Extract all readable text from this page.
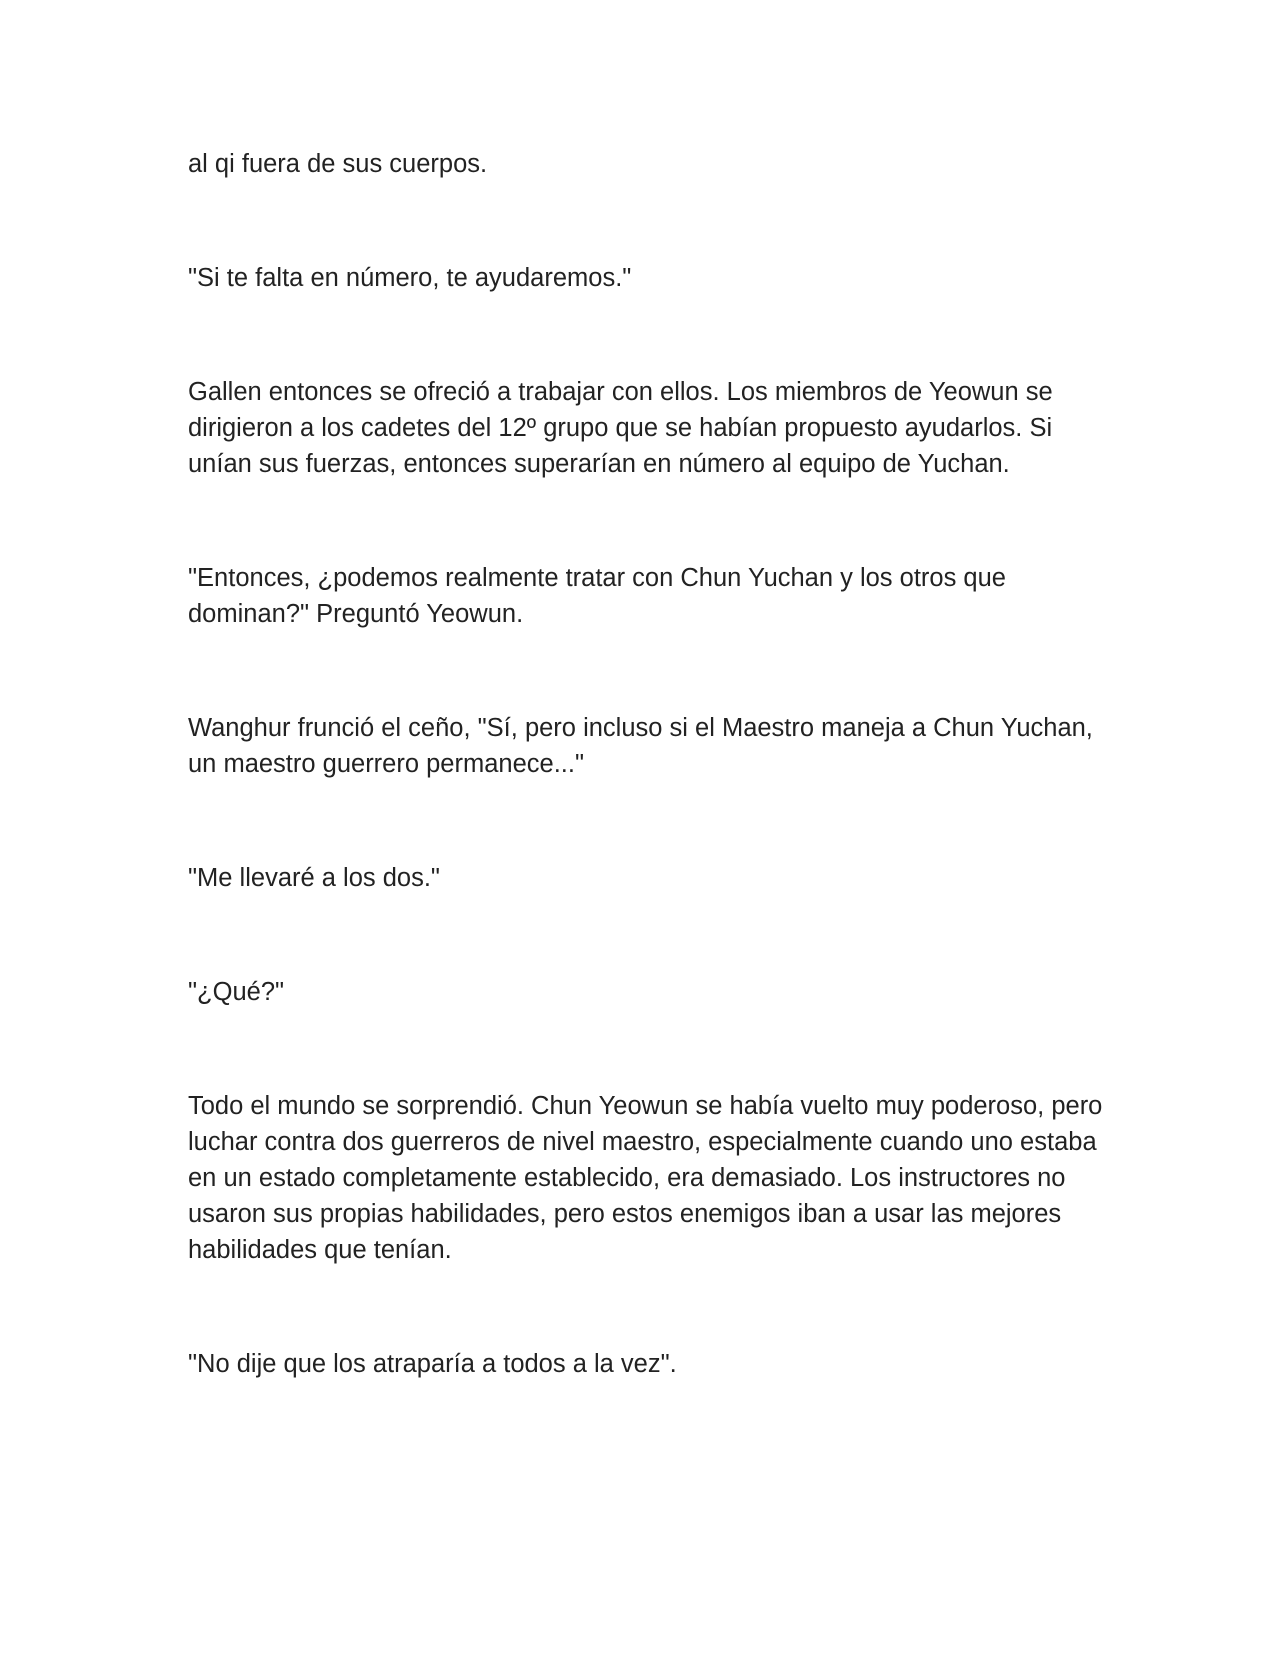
al qi fuera de sus cuerpos.

"Si te falta en número, te ayudaremos."

Gallen entonces se ofreció a trabajar con ellos. Los miembros de Yeowun se dirigieron a los cadetes del 12º grupo que se habían propuesto ayudarlos. Si unían sus fuerzas, entonces superarían en número al equipo de Yuchan.

"Entonces, ¿podemos realmente tratar con Chun Yuchan y los otros que dominan?" Preguntó Yeowun.

Wanghur frunció el ceño, "Sí, pero incluso si el Maestro maneja a Chun Yuchan, un maestro guerrero permanece..."

"Me llevaré a los dos."

"¿Qué?"

Todo el mundo se sorprendió. Chun Yeowun se había vuelto muy poderoso, pero luchar contra dos guerreros de nivel maestro, especialmente cuando uno estaba en un estado completamente establecido, era demasiado. Los instructores no usaron sus propias habilidades, pero estos enemigos iban a usar las mejores habilidades que tenían.

"No dije que los atraparía a todos a la vez".
